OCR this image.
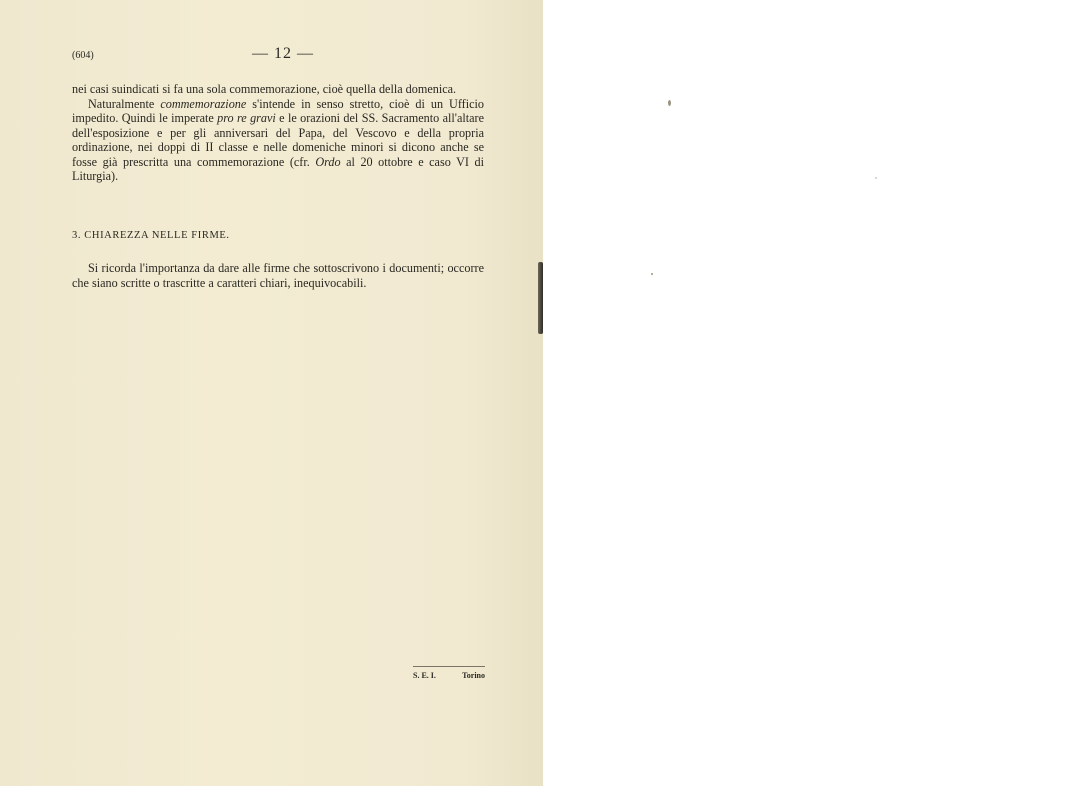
(604)	— 12 —

nei casi suindicati si fa una sola commemorazione, cioè quella della domenica.

Naturalmente commemorazione s'intende in senso stretto, cioè di un Ufficio impedito. Quindi le imperate pro re gravi e le orazioni del SS. Sacramento all'altare dell'esposizione e per gli anniversari del Papa, del Vescovo e della propria ordinazione, nei doppi di II classe e nelle domeniche minori si dicono anche se fosse già prescritta una commemorazione (cfr. Ordo al 20 ottobre e caso VI di Liturgia).

3. CHIAREZZA NELLE FIRME.

Si ricorda l'importanza da dare alle firme che sottoscrivono i documenti; occorre che siano scritte o trascritte a caratteri chiari, inequivocabili.

S. E. I.	Torino
